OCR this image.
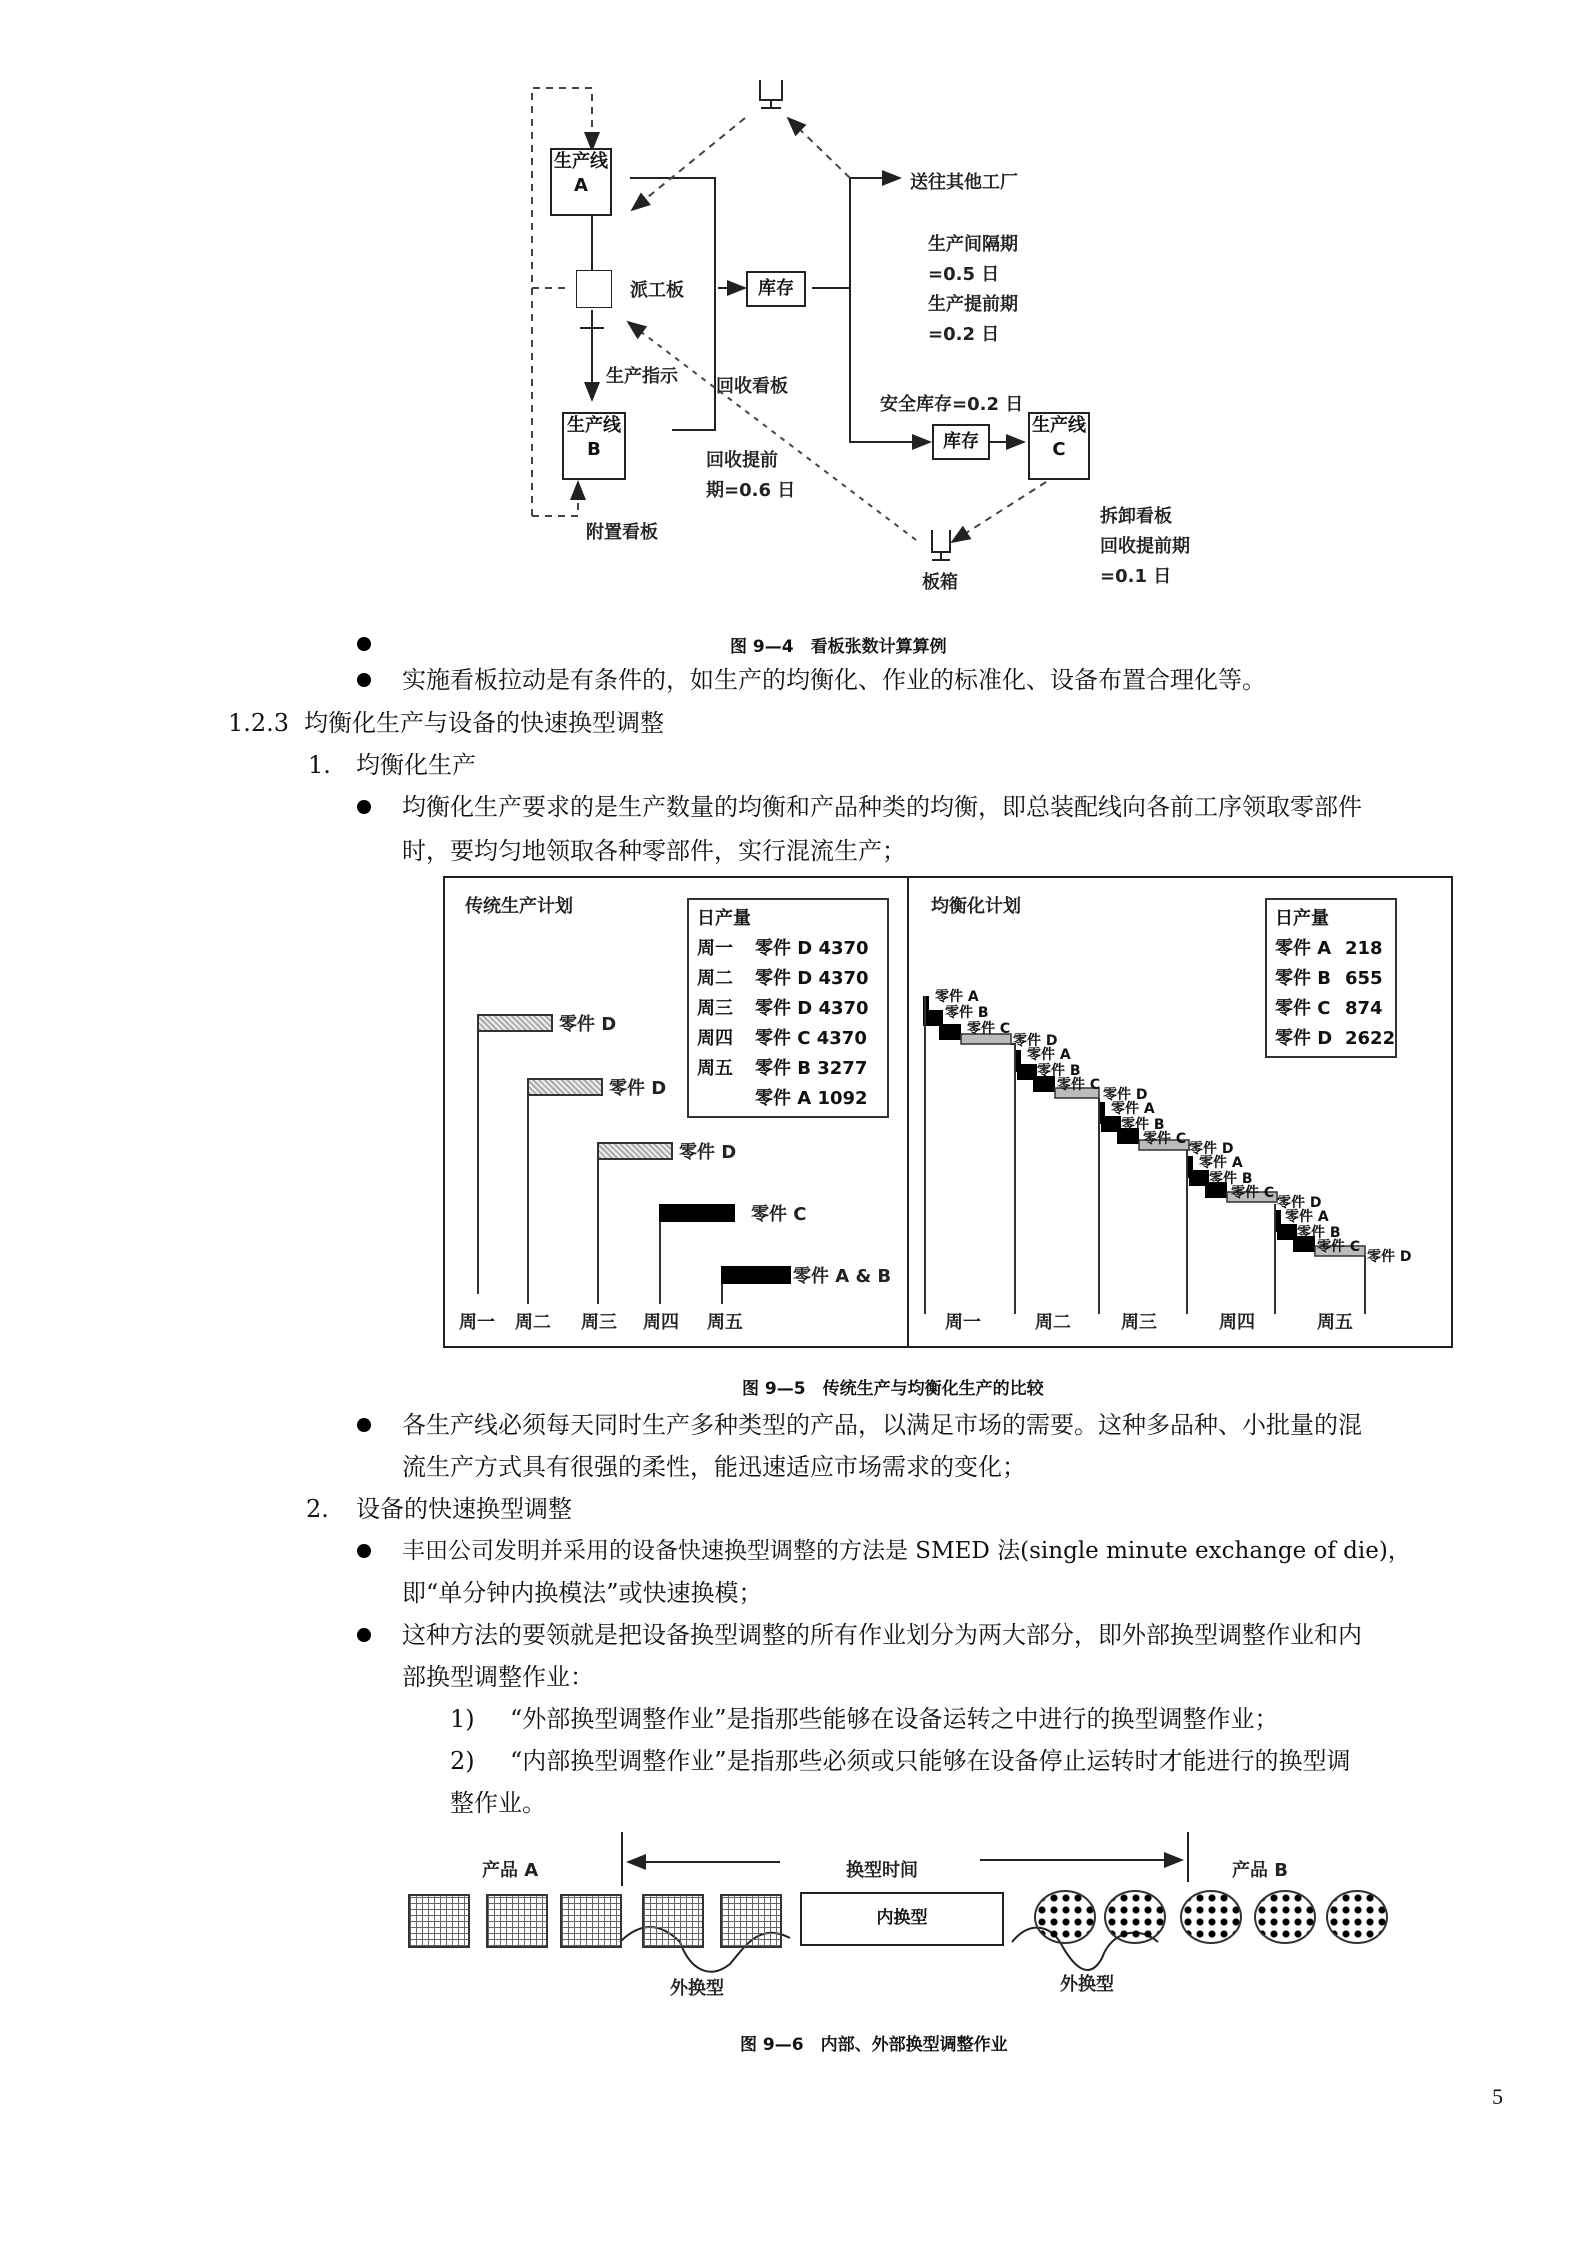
生产线
A
派工板	库存
生产线
B	库存
生产线
C
送往其他工厂
生产间隔期
=0.5 日
生产提前期
=0.2 日
生产指示 回收看板
安全库存=0.2 日
回收提前
期=0.6 日
附置看板
拆卸看板
回收提前期
=0.1 日
板箱
图 9—4　看板张数计算算例
实施看板拉动是有条件的，如生产的均衡化、作业的标准化、设备布置合理化等。
1.2.3 均衡化生产与设备的快速换型调整
1. 均衡化生产
均衡化生产要求的是生产数量的均衡和产品种类的均衡，即总装配线向各前工序领取零部件
时，要均匀地领取各种零部件，实行混流生产；
传统生产计划
日产量
周一 零件 D 4370
周二 零件 D 4370
周三 零件 D 4370
周四 零件 C 4370
周五 零件 B 3277
零件 A 1092
零件 D
零件 D
零件 D
零件 C
零件 A & B
周一 周二 周三 周四 周五
均衡化计划
日产量
零件 A 218
零件 B 655
零件 C 874
零件 D 2622
零件 A
零件 B
零件 C
零件 D
零件 A
零件 B
零件 C
零件 D
零件 A
零件 B
零件 C
零件 D
零件 A
零件 B
零件 C
零件 D
零件 A
零件 B
零件 C
零件 D
周一	周二	周三	周四	周五
图 9—5　传统生产与均衡化生产的比较
各生产线必须每天同时生产多种类型的产品，以满足市场的需要。这种多品种、小批量的混
流生产方式具有很强的柔性，能迅速适应市场需求的变化；
2. 设备的快速换型调整
丰田公司发明并采用的设备快速换型调整的方法是 SMED 法(single minute exchange of die)，
即“单分钟内换模法”或快速换模；
这种方法的要领就是把设备换型调整的所有作业划分为两大部分，即外部换型调整作业和内
部换型调整作业：
1) “外部换型调整作业”是指那些能够在设备运转之中进行的换型调整作业；
2) “内部换型调整作业”是指那些必须或只能够在设备停止运转时才能进行的换型调
整作业。
产品 A	产品 B
换型时间
内换型
外换型	外换型
图 9—6　内部、外部换型调整作业
5
